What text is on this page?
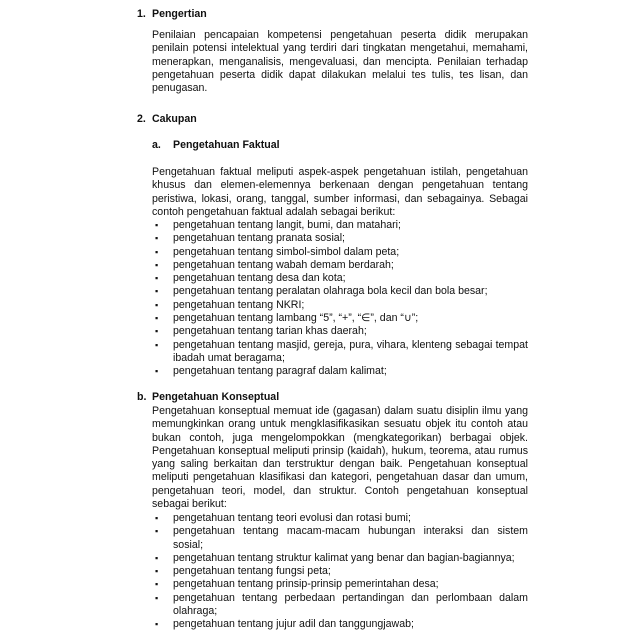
1. Pengertian
Penilaian pencapaian kompetensi pengetahuan peserta didik merupakan penilain potensi intelektual yang terdiri dari tingkatan mengetahui, memahami, menerapkan, menganalisis, mengevaluasi, dan mencipta. Penilaian terhadap pengetahuan peserta didik dapat dilakukan melalui tes tulis, tes lisan, dan penugasan.
2. Cakupan
a. Pengetahuan Faktual
Pengetahuan faktual meliputi aspek-aspek pengetahuan istilah, pengetahuan khusus dan elemen-elemennya berkenaan dengan pengetahuan tentang peristiwa, lokasi, orang, tanggal, sumber informasi, dan sebagainya. Sebagai contoh pengetahuan faktual adalah sebagai berikut:
▪ pengetahuan tentang langit, bumi, dan matahari;
▪ pengetahuan tentang pranata sosial;
▪ pengetahuan tentang simbol-simbol dalam peta;
▪ pengetahuan tentang wabah demam berdarah;
▪ pengetahuan tentang desa dan kota;
▪ pengetahuan tentang peralatan olahraga bola kecil dan bola besar;
▪ pengetahuan tentang NKRI;
▪ pengetahuan tentang lambang “5”, “+”, “∈”, dan “∪”;
▪ pengetahuan tentang tarian khas daerah;
▪ pengetahuan tentang masjid, gereja, pura, vihara, klenteng sebagai tempat ibadah umat beragama;
▪ pengetahuan tentang paragraf dalam kalimat;
b. Pengetahuan Konseptual
Pengetahuan konseptual memuat ide (gagasan) dalam suatu disiplin ilmu yang memungkinkan orang untuk mengklasifikasikan sesuatu objek itu contoh atau bukan contoh, juga mengelompokkan (mengkategorikan) berbagai objek. Pengetahuan konseptual meliputi prinsip (kaidah), hukum, teorema, atau rumus yang saling berkaitan dan terstruktur dengan baik. Pengetahuan konseptual meliputi pengetahuan klasifikasi dan kategori, pengetahuan dasar dan umum, pengetahuan teori, model, dan struktur. Contoh pengetahuan konseptual sebagai berikut:
▪ pengetahuan tentang teori evolusi dan rotasi bumi;
▪ pengetahuan tentang macam-macam hubungan interaksi dan sistem sosial;
▪ pengetahuan tentang struktur kalimat yang benar dan bagian-bagiannya;
▪ pengetahuan tentang fungsi peta;
▪ pengetahuan tentang prinsip-prinsip pemerintahan desa;
▪ pengetahuan tentang perbedaan pertandingan dan perlombaan dalam olahraga;
▪ pengetahuan tentang jujur adil dan tanggungjawab;
